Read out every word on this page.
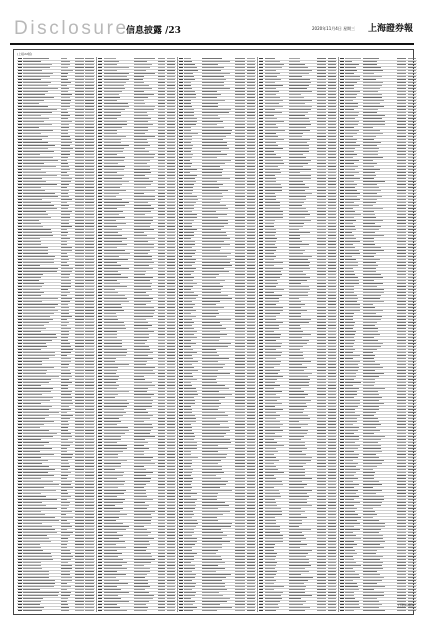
Disclosure
信息披露 /23	2020年11月4日 星期三 上海證券報
(上接22版)
(下转24版)
